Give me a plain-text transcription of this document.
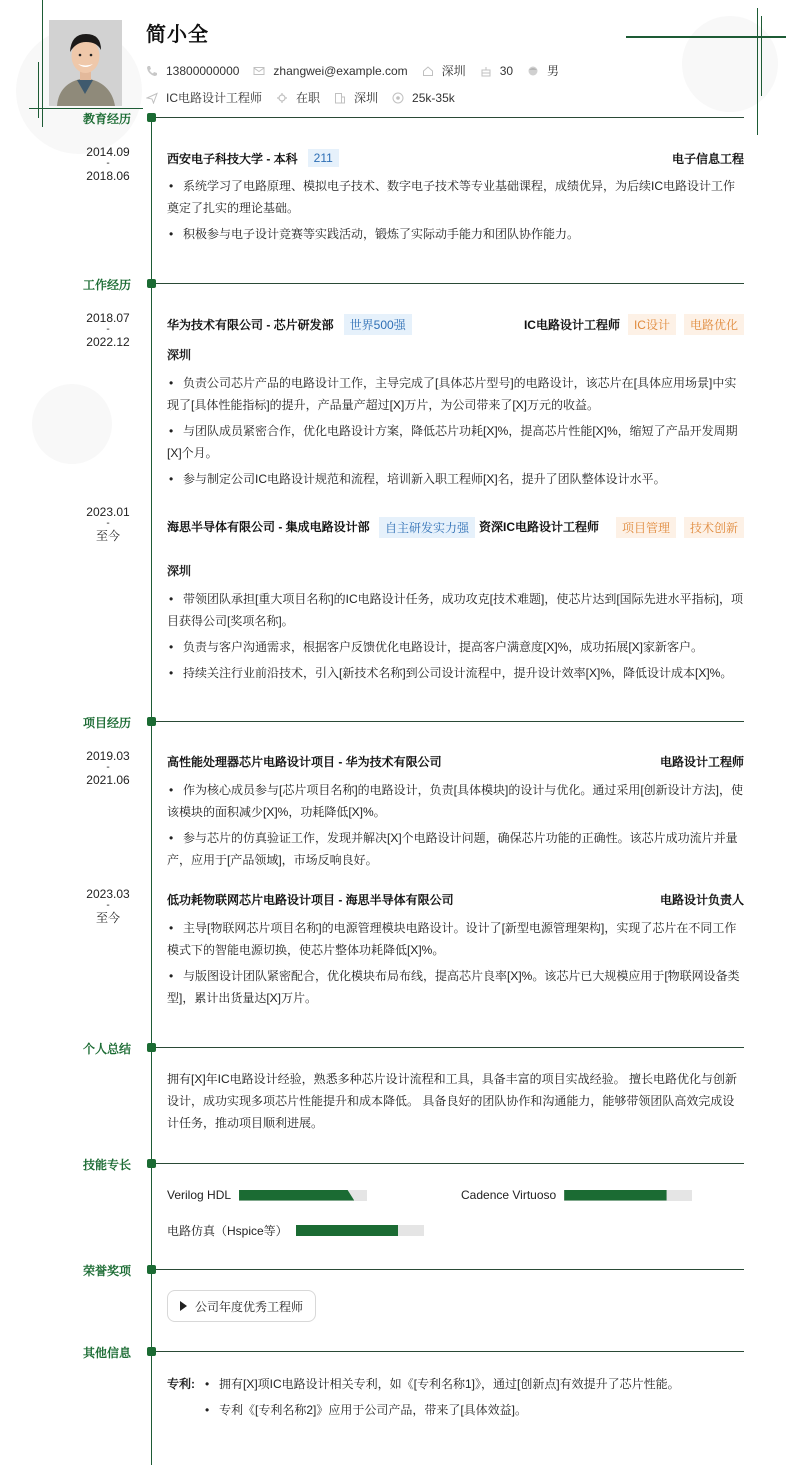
简小全
13800000000	zhangwei@example.com	深圳	30	男
IC电路设计工程师	在职	深圳	25k-35k
教育经历
2014.09
-
2018.06
西安电子科技大学 - 本科	211	电子信息工程
• 系统学习了电路原理、模拟电子技术、数字电子技术等专业基础课程，成绩优异，为后续IC电路设计工作奠定了扎实的理论基础。
• 积极参与电子设计竞赛等实践活动，锻炼了实际动手能力和团队协作能力。
工作经历
2018.07
-
2022.12
华为技术有限公司 - 芯片研发部	世界500强	IC电路设计工程师	IC设计	电路优化
深圳
• 负责公司芯片产品的电路设计工作，主导完成了[具体芯片型号]的电路设计，该芯片在[具体应用场景]中实现了[具体性能指标]的提升，产品量产超过[X]万片，为公司带来了[X]万元的收益。
• 与团队成员紧密合作，优化电路设计方案，降低芯片功耗[X]%，提高芯片性能[X]%，缩短了产品开发周期[X]个月。
• 参与制定公司IC电路设计规范和流程，培训新入职工程师[X]名，提升了团队整体设计水平。
2023.01
-
至今
海思半导体有限公司 - 集成电路设计部	自主研发实力强 资深IC电路设计工程师	项目管理	技术创新
深圳
• 带领团队承担[重大项目名称]的IC电路设计任务，成功攻克[技术难题]，使芯片达到[国际先进水平指标]，项目获得公司[奖项名称]。
• 负责与客户沟通需求，根据客户反馈优化电路设计，提高客户满意度[X]%，成功拓展[X]家新客户。
• 持续关注行业前沿技术，引入[新技术名称]到公司设计流程中，提升设计效率[X]%，降低设计成本[X]%。
项目经历
2019.03
-
2021.06
高性能处理器芯片电路设计项目 - 华为技术有限公司	电路设计工程师
• 作为核心成员参与[芯片项目名称]的电路设计，负责[具体模块]的设计与优化。通过采用[创新设计方法]，使该模块的面积减少[X]%，功耗降低[X]%。
• 参与芯片的仿真验证工作，发现并解决[X]个电路设计问题，确保芯片功能的正确性。该芯片成功流片并量产，应用于[产品领域]，市场反响良好。
2023.03
-
至今
低功耗物联网芯片电路设计项目 - 海思半导体有限公司	电路设计负责人
• 主导[物联网芯片项目名称]的电源管理模块电路设计。设计了[新型电源管理架构]，实现了芯片在不同工作模式下的智能电源切换，使芯片整体功耗降低[X]%。
• 与版图设计团队紧密配合，优化模块布局布线，提高芯片良率[X]%。该芯片已大规模应用于[物联网设备类型]，累计出货量达[X]万片。
个人总结
拥有[X]年IC电路设计经验，熟悉多种芯片设计流程和工具，具备丰富的项目实战经验。 擅长电路优化与创新设计，成功实现多项芯片性能提升和成本降低。 具备良好的团队协作和沟通能力，能够带领团队高效完成设计任务，推动项目顺利进展。
技能专长
Verilog HDL	Cadence Virtuoso
电路仿真（Hspice等）
荣誉奖项
公司年度优秀工程师
其他信息
专利:	• 拥有[X]项IC电路设计相关专利，如《[专利名称1]》，通过[创新点]有效提升了芯片性能。
• 专利《[专利名称2]》应用于公司产品，带来了[具体效益]。
